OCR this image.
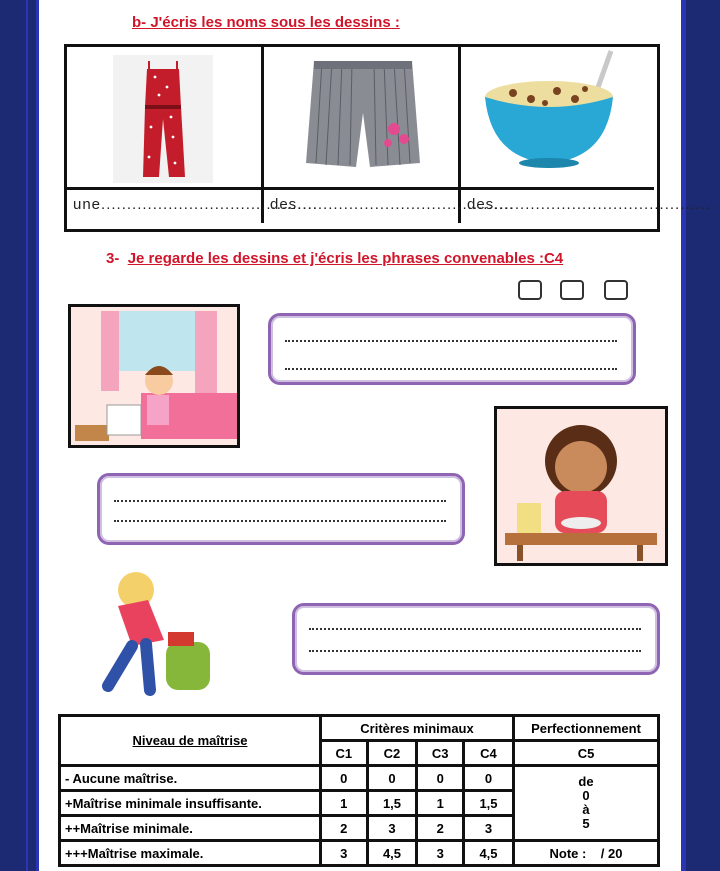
b- J'écris les noms sous les dessins :
une..........................................
des..........................................
des..........................................
3- Je regarde les dessins et j'écris les phrases convenables :C4
Niveau de maîtrise	Critères minimaux				Perfectionnement
	C1	C2	C3	C4	C5
- Aucune maîtrise.	0	0	0	0	de
0
à
5

+Maîtrise minimale insuffisante.	1	1,5	1	1,5	
++Maîtrise minimale.	2	3	2	3	
+++Maîtrise maximale.	3	4,5	3	4,5	Note : / 20
